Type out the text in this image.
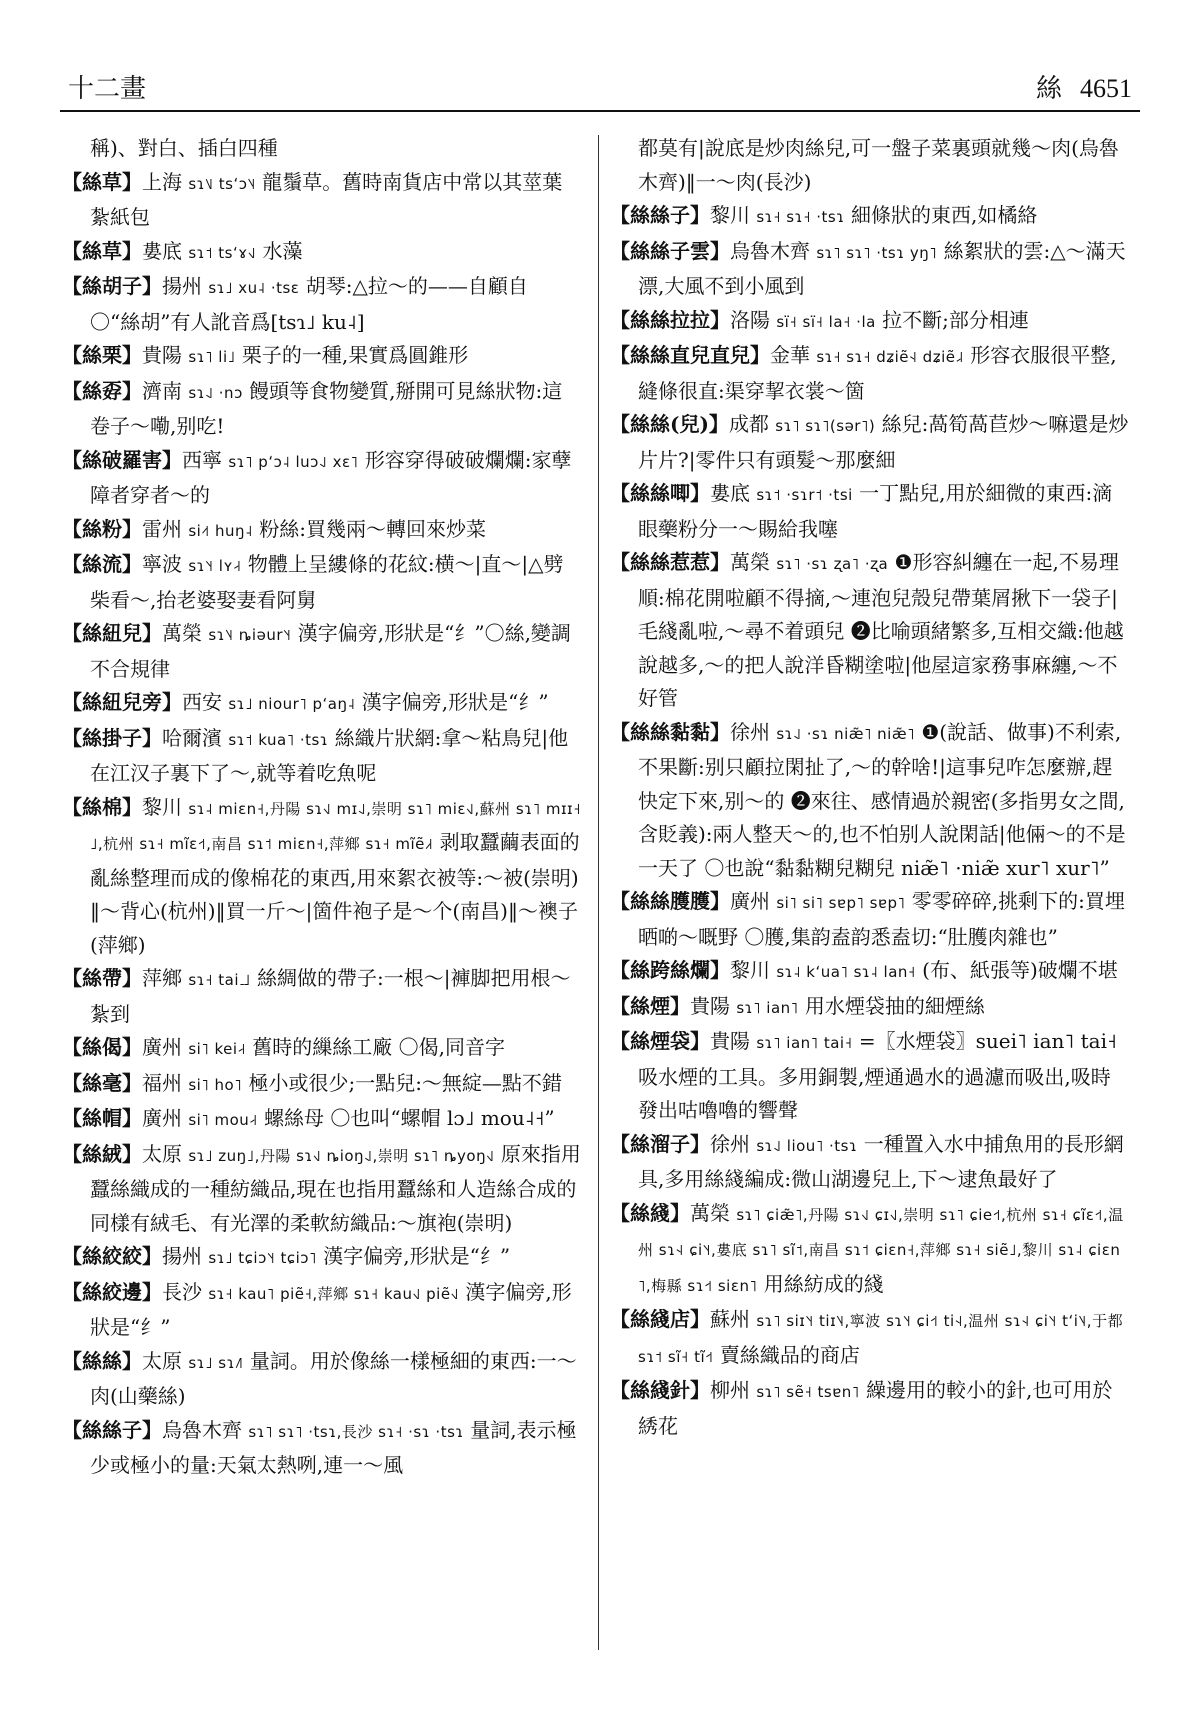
十二畫	絲 4651

稱)、對白、插白四種

【絲草】上海 sɿ˥˩ tsʻɔ˥˨ 龍鬚草。舊時南貨店中常以其莖葉紮紙包

【絲草】婁底 sɿ˦ tsʻɤ˧˩ 水藻

【絲胡子】揚州 sɿ˩ xu˨ ·tsɛ 胡琴:△拉～的——自顧自 〇“絲胡”有人訛音爲[tsɿ˩ ku˨]

【絲栗】貴陽 sɿ˥ li˩ 栗子的一種,果實爲圓錐形

【絲孬】濟南 sɿ˨˩ ·nɔ 饅頭等食物變質,掰開可見絲狀物:這卷子～嘞,别吃!

【絲破羅害】西寧 sɿ˥ pʻɔ˨ luɔ˨˩ xɛ˥ 形容穿得破破爛爛:家孽障者穿者～的

【絲粉】雷州 si˨˦ huŋ˨ 粉絲:買幾兩～轉回來炒菜

【絲流】寧波 sɿ˥˧ lʏ˨˧ 物體上呈縷條的花紋:横～|直～|△劈柴看～,抬老婆娶妻看阿舅

【絲紐兒】萬榮 sɿ˥˨ ȵiəur˥˧ 漢字偏旁,形狀是“纟”〇絲,變調不合規律

【絲紐兒旁】西安 sɿ˩ niour˥ pʻaŋ˨ 漢字偏旁,形狀是“纟”

【絲掛子】哈爾濱 sɿ˦ kua˥ ·tsɿ 絲織片狀網:拿～粘鳥兒|他在江汉子裏下了～,就等着吃魚呢

【絲棉】黎川 sɿ˨ miɛn˧,丹陽 sɿ˧˩ mɪ˨˩,崇明 sɿ˥ miɛ˧˩,蘇州 sɿ˥ mɪɪ˧˩,杭州 sɿ˧ mĩɛ˧˦,南昌 sɿ˦ miɛn˧,萍鄉 sɿ˧ mĩẽ˩˧ 剥取蠶繭表面的亂絲整理而成的像棉花的東西,用來絮衣被等:～被(崇明)‖～背心(杭州)‖買一斤～|箇件袍子是～个(南昌)‖～襖子(萍鄉)

【絲帶】萍鄉 sɿ˧ tai˩˩ 絲綢做的帶子:一根～|褲脚把用根～紮到

【絲偈】廣州 si˥ kei˨˧ 舊時的繅絲工廠 〇偈,同音字

【絲毫】福州 si˥ ho˥ 極小或很少;一點兒:～無綻—點不錯

【絲帽】廣州 si˥ mou˨˧ 螺絲母 〇也叫“螺帽 lɔ˩ mou˨˧”

【絲絨】太原 sɿ˩ zuŋ˩,丹陽 sɿ˧˩ ȵioŋ˨˩,崇明 sɿ˥ ȵyoŋ˧˩ 原來指用蠶絲織成的一種紡織品,現在也指用蠶絲和人造絲合成的同樣有絨毛、有光澤的柔軟紡織品:～旗袍(崇明)

【絲絞絞】揚州 sɿ˩ tɕiɔ˥˧ tɕiɔ˥ 漢字偏旁,形狀是“纟”

【絲絞邊】長沙 sɿ˧ kau˥ piẽ˧,萍鄉 sɿ˧ kau˧˩ piẽ˧˩ 漢字偏旁,形狀是“纟”

【絲絲】太原 sɿ˩ sɿ˩˥ 量詞。用於像絲一樣極細的東西:一～肉(山藥絲)

【絲絲子】烏魯木齊 sɿ˥ sɿ˥ ·tsɿ,長沙 sɿ˧ ·sɿ ·tsɿ 量詞,表示極少或極小的量:天氣太熱咧,連一～風

都莫有|說底是炒肉絲兒,可一盤子菜裏頭就幾～肉(烏魯木齊)‖一～肉(長沙)

【絲絲子】黎川 sɿ˧ sɿ˧ ·tsɿ 細條狀的東西,如橘絡

【絲絲子雲】烏魯木齊 sɿ˥ sɿ˥ ·tsɿ yŋ˥ 絲絮狀的雲:△～滿天漂,大風不到小風到

【絲絲拉拉】洛陽 sï˧ sï˧ la˧ ·la 拉不斷;部分相連

【絲絲直兒直兒】金華 sɿ˧ sɿ˧ dʑiẽ˧˨ dʑiẽ˩˨ 形容衣服很平整,縫條很直:渠穿挈衣裳～箇

【絲絲(兒)】成都 sɿ˥ sɿ˥(sər˥) 絲兒:萵筍萵苣炒～嘛還是炒片片?|零件只有頭髮～那麼細

【絲絲唧】婁底 sɿ˦ ·sɿr˦ ·tsi 一丁點兒,用於細微的東西:滴眼藥粉分一～賜給我噻

【絲絲惹惹】萬榮 sɿ˥ ·sɿ ʐa˥ ·ʐa ❶形容糾纏在一起,不易理順:棉花開啦顧不得摘,～連泡兒殼兒帶葉屑揪下一袋子|毛綫亂啦,～尋不着頭兒 ❷比喻頭緒繁多,互相交織:他越說越多,～的把人說洋昏糊塗啦|他屋這家務事麻纏,～不好管

【絲絲黏黏】徐州 sɿ˨˩ ·sɿ niæ̃˥ niæ̃˥ ❶(說話、做事)不利索,不果斷:别只顧拉閑扯了,～的幹啥!|這事兒咋怎麼辦,趕快定下來,别～的 ❷來往、感情過於親密(多指男女之間,含貶義):兩人整天～的,也不怕别人說閑話|他倆～的不是一天了 〇也說“黏黏糊兒糊兒 niæ̃˥ ·niæ̃ xur˥ xur˥”

【絲絲臒臒】廣州 si˥ si˥ sɐp˥ sɐp˥ 零零碎碎,挑剩下的:買埋晒啲～嘅野 〇臒,集韵盍韵悉盍切:“肚臒肉雜也”

【絲跨絲爛】黎川 sɿ˨ kʻua˥ sɿ˨ lan˧ (布、紙張等)破爛不堪

【絲煙】貴陽 sɿ˥ ian˥ 用水煙袋抽的細煙絲

【絲煙袋】貴陽 sɿ˥ ian˥ tai˧ =〖水煙袋〗suei˥ ian˥ tai˧ 吸水煙的工具。多用銅製,煙通過水的過濾而吸出,吸時發出咕嚕嚕的響聲

【絲溜子】徐州 sɿ˨˩ liou˥ ·tsɿ 一種置入水中捕魚用的長形網具,多用絲綫編成:微山湖邊兒上,下～逮魚最好了

【絲綫】萬榮 sɿ˥ ɕiæ̃˥,丹陽 sɿ˧˩ ɕɪ˧˩,崇明 sɿ˥ ɕie˧˦,杭州 sɿ˧ ɕĩɛ˧˦,温州 sɿ˧˨ ɕi˥˧,婁底 sɿ˥ sĩ˦,南昌 sɿ˦ ɕiɛn˧,萍鄉 sɿ˧ siẽ˩,黎川 sɿ˨ ɕiɛn˥,梅縣 sɿ˧˦ siɛn˥ 用絲紡成的綫

【絲綫店】蘇州 sɿ˥ siɪ˥˧ tiɪ˥˨,寧波 sɿ˥˧ ɕi˧˦ ti˧˨,温州 sɿ˧˨ ɕi˥˧ tʻi˥˨,于都 sɿ˦ sĩ˧ tĩ˧˦ 賣絲織品的商店

【絲綫針】柳州 sɿ˥ sẽ˧ tsɐn˥ 繰邊用的較小的針,也可用於綉花
